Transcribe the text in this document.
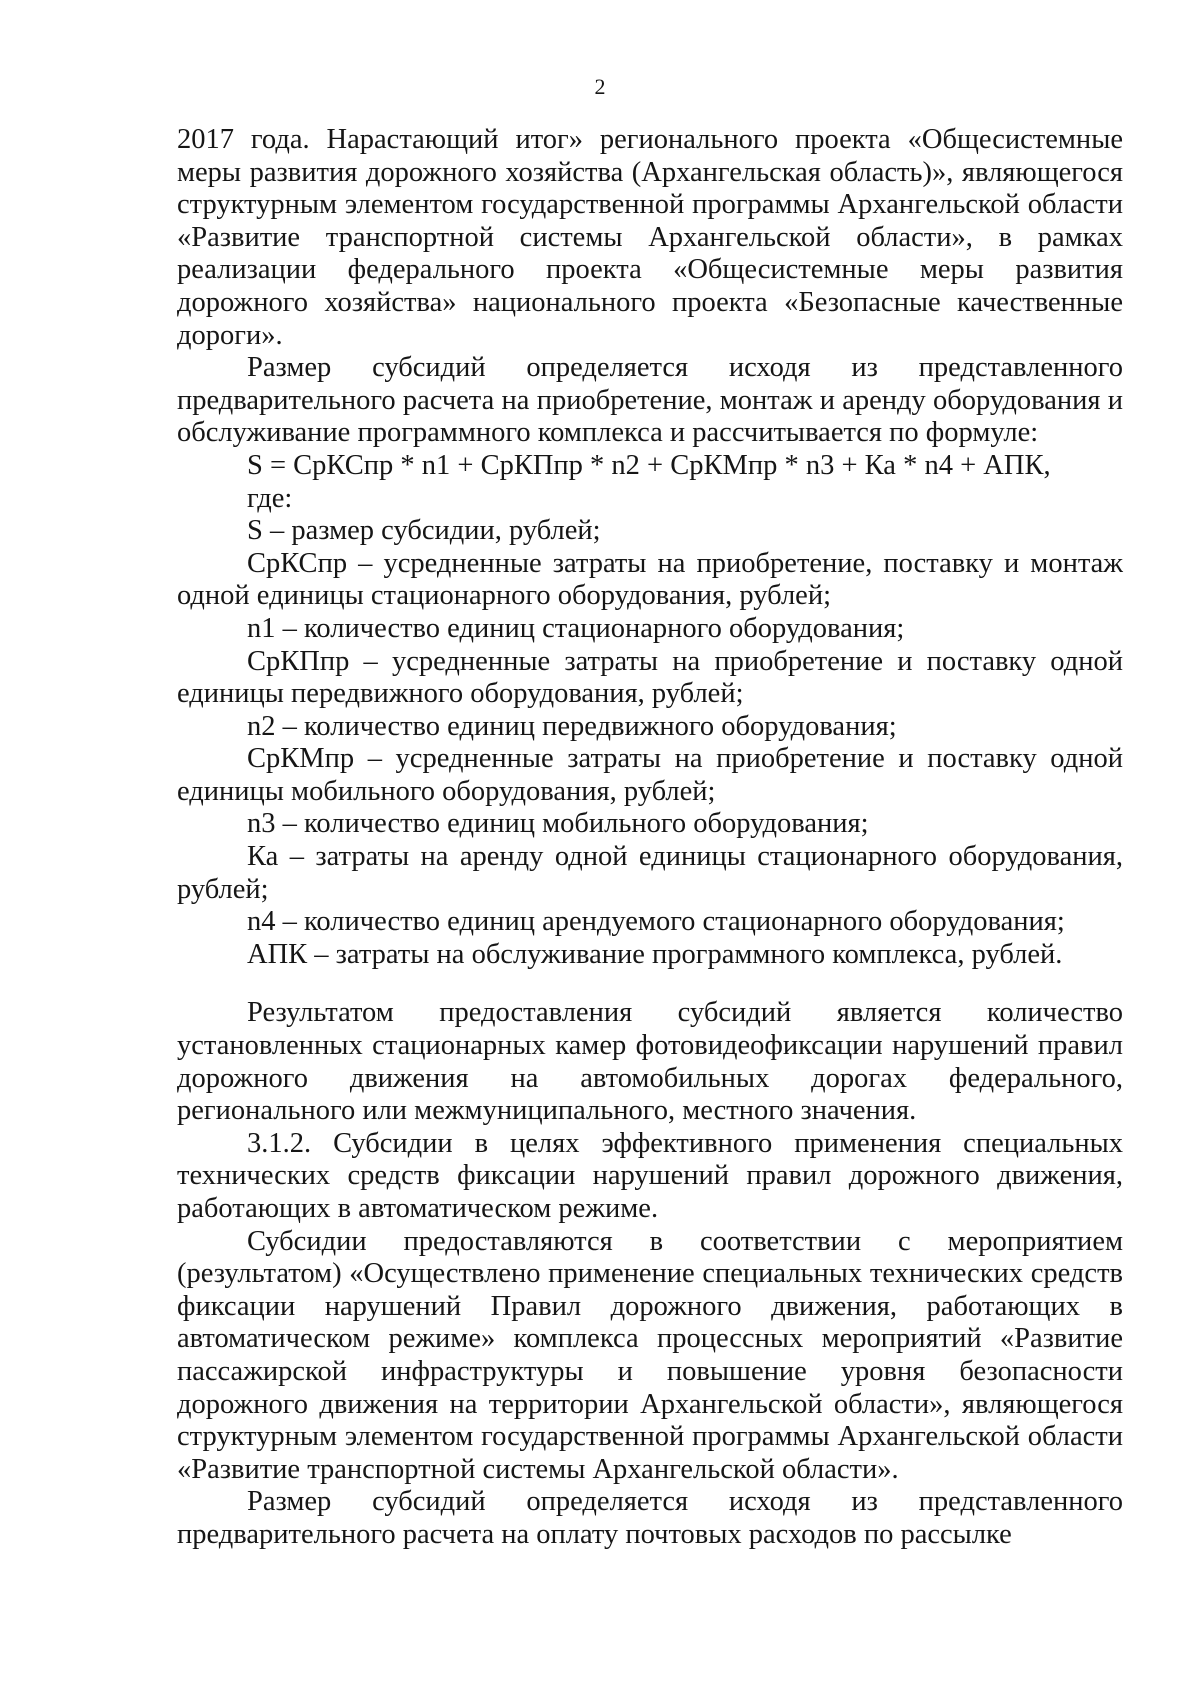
2

2017 года. Нарастающий итог» регионального проекта «Общесистемные меры развития дорожного хозяйства (Архангельская область)», являющегося структурным элементом государственной программы Архангельской области «Развитие транспортной системы Архангельской области», в рамках реализации федерального проекта «Общесистемные меры развития дорожного хозяйства» национального проекта «Безопасные качественные дороги».

Размер субсидий определяется исходя из представленного предварительного расчета на приобретение, монтаж и аренду оборудования и обслуживание программного комплекса и рассчитывается по формуле:

S = СрКСпр * n1 + СрКПпр * n2 + СрКМпр * n3 + Ка * n4 + АПК,

где:

S – размер субсидии, рублей;

СрКСпр – усредненные затраты на приобретение, поставку и монтаж одной единицы стационарного оборудования, рублей;

n1 – количество единиц стационарного оборудования;

СрКПпр – усредненные затраты на приобретение и поставку одной единицы передвижного оборудования, рублей;

n2 – количество единиц передвижного оборудования;

СрКМпр – усредненные затраты на приобретение и поставку одной единицы мобильного оборудования, рублей;

n3 – количество единиц мобильного оборудования;

Ка – затраты на аренду одной единицы стационарного оборудования, рублей;

n4 – количество единиц арендуемого стационарного оборудования;

АПК – затраты на обслуживание программного комплекса, рублей.

Результатом предоставления субсидий является количество установленных стационарных камер фотовидеофиксации нарушений правил дорожного движения на автомобильных дорогах федерального, регионального или межмуниципального, местного значения.

3.1.2. Субсидии в целях эффективного применения специальных технических средств фиксации нарушений правил дорожного движения, работающих в автоматическом режиме.

Субсидии предоставляются в соответствии с мероприятием (результатом) «Осуществлено применение специальных технических средств фиксации нарушений Правил дорожного движения, работающих в автоматическом режиме» комплекса процессных мероприятий «Развитие пассажирской инфраструктуры и повышение уровня безопасности дорожного движения на территории Архангельской области», являющегося структурным элементом государственной программы Архангельской области «Развитие транспортной системы Архангельской области».

Размер субсидий определяется исходя из представленного предварительного расчета на оплату почтовых расходов по рассылке
